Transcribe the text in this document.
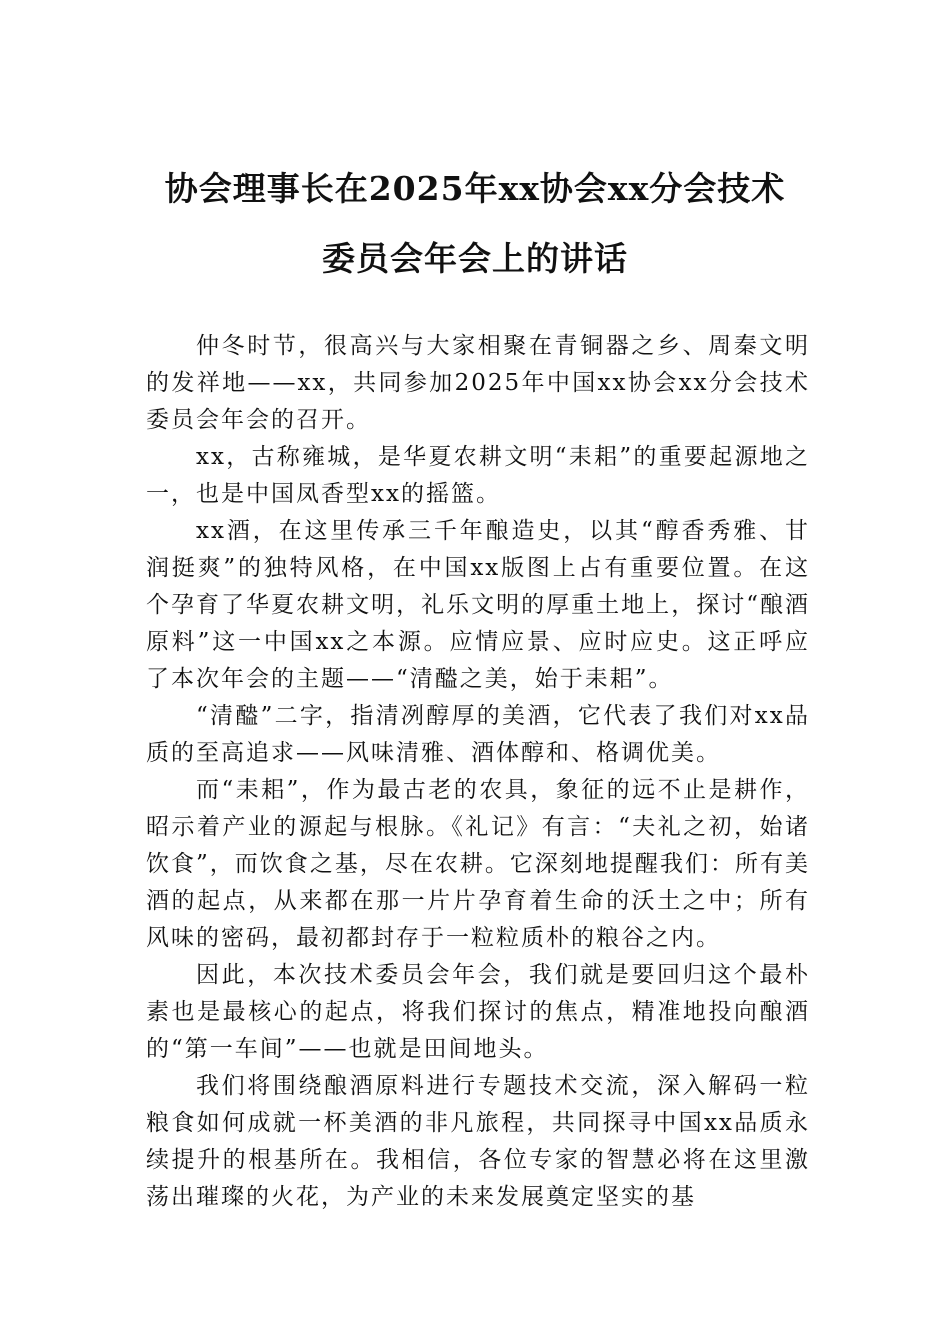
协会理事长在2025年xx协会xx分会技术
委员会年会上的讲话

仲冬时节，很高兴与大家相聚在青铜器之乡、周秦文明的发祥地——xx，共同参加2025年中国xx协会xx分会技术委员会年会的召开。

xx，古称雍城，是华夏农耕文明“耒耜”的重要起源地之一，也是中国凤香型xx的摇篮。

xx酒，在这里传承三千年酿造史，以其“醇香秀雅、甘润挺爽”的独特风格，在中国xx版图上占有重要位置。在这个孕育了华夏农耕文明，礼乐文明的厚重土地上，探讨“酿酒原料”这一中国xx之本源。应情应景、应时应史。这正呼应了本次年会的主题——“清醠之美，始于耒耜”。

“清醠”二字，指清冽醇厚的美酒，它代表了我们对xx品质的至高追求——风味清雅、酒体醇和、格调优美。

而“耒耜”，作为最古老的农具，象征的远不止是耕作，昭示着产业的源起与根脉。《礼记》有言：“夫礼之初，始诸饮食”，而饮食之基，尽在农耕。它深刻地提醒我们：所有美酒的起点，从来都在那一片片孕育着生命的沃土之中；所有风味的密码，最初都封存于一粒粒质朴的粮谷之内。

因此，本次技术委员会年会，我们就是要回归这个最朴素也是最核心的起点，将我们探讨的焦点，精准地投向酿酒的“第一车间”——也就是田间地头。

我们将围绕酿酒原料进行专题技术交流，深入解码一粒粮食如何成就一杯美酒的非凡旅程，共同探寻中国xx品质永续提升的根基所在。我相信，各位专家的智慧必将在这里激荡出璀璨的火花，为产业的未来发展奠定坚实的基
